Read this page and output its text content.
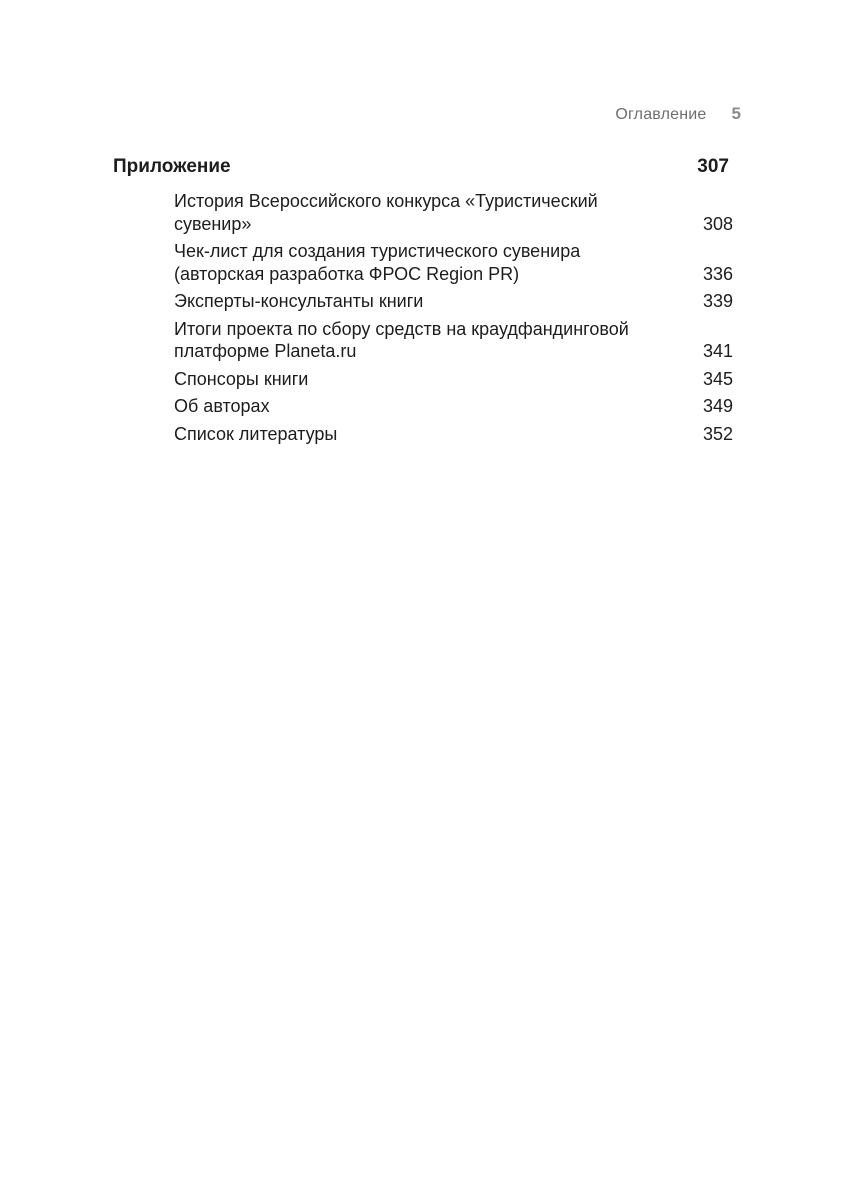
Оглавление 5
Приложение	307
История Всероссийского конкурса «Туристический
сувенир»	308
Чек-лист для создания туристического сувенира
(авторская разработка ФРОС Region PR)	336
Эксперты-консультанты книги	339
Итоги проекта по сбору средств на краудфандинговой
платформе Planeta.ru	341
Спонсоры книги	345
Об авторах	349
Список литературы	352
